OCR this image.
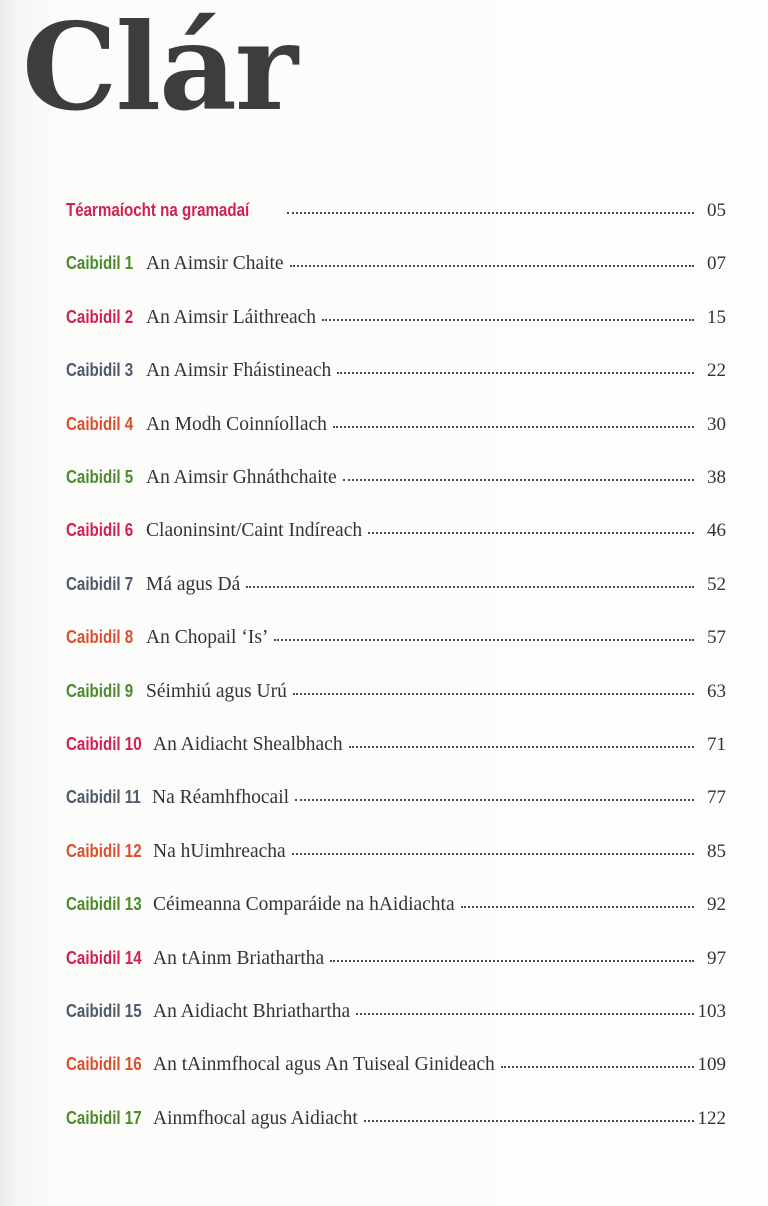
Clár
Téarmaíocht na gramadaí	05
Caibidil 1 An Aimsir Chaite	07
Caibidil 2 An Aimsir Láithreach	15
Caibidil 3 An Aimsir Fháistineach	22
Caibidil 4 An Modh Coinníollach	30
Caibidil 5 An Aimsir Ghnáthchaite	38
Caibidil 6 Claoninsint/Caint Indíreach	46
Caibidil 7 Má agus Dá	52
Caibidil 8 An Chopail ‘Is’	57
Caibidil 9 Séimhiú agus Urú	63
Caibidil 10 An Aidiacht Shealbhach	71
Caibidil 11 Na Réamhfhocail	77
Caibidil 12 Na hUimhreacha	85
Caibidil 13 Céimeanna Comparáide na hAidiachta	92
Caibidil 14 An tAinm Briathartha	97
Caibidil 15 An Aidiacht Bhriathartha	103
Caibidil 16 An tAinmfhocal agus An Tuiseal Ginideach	109
Caibidil 17 Ainmfhocal agus Aidiacht	122
